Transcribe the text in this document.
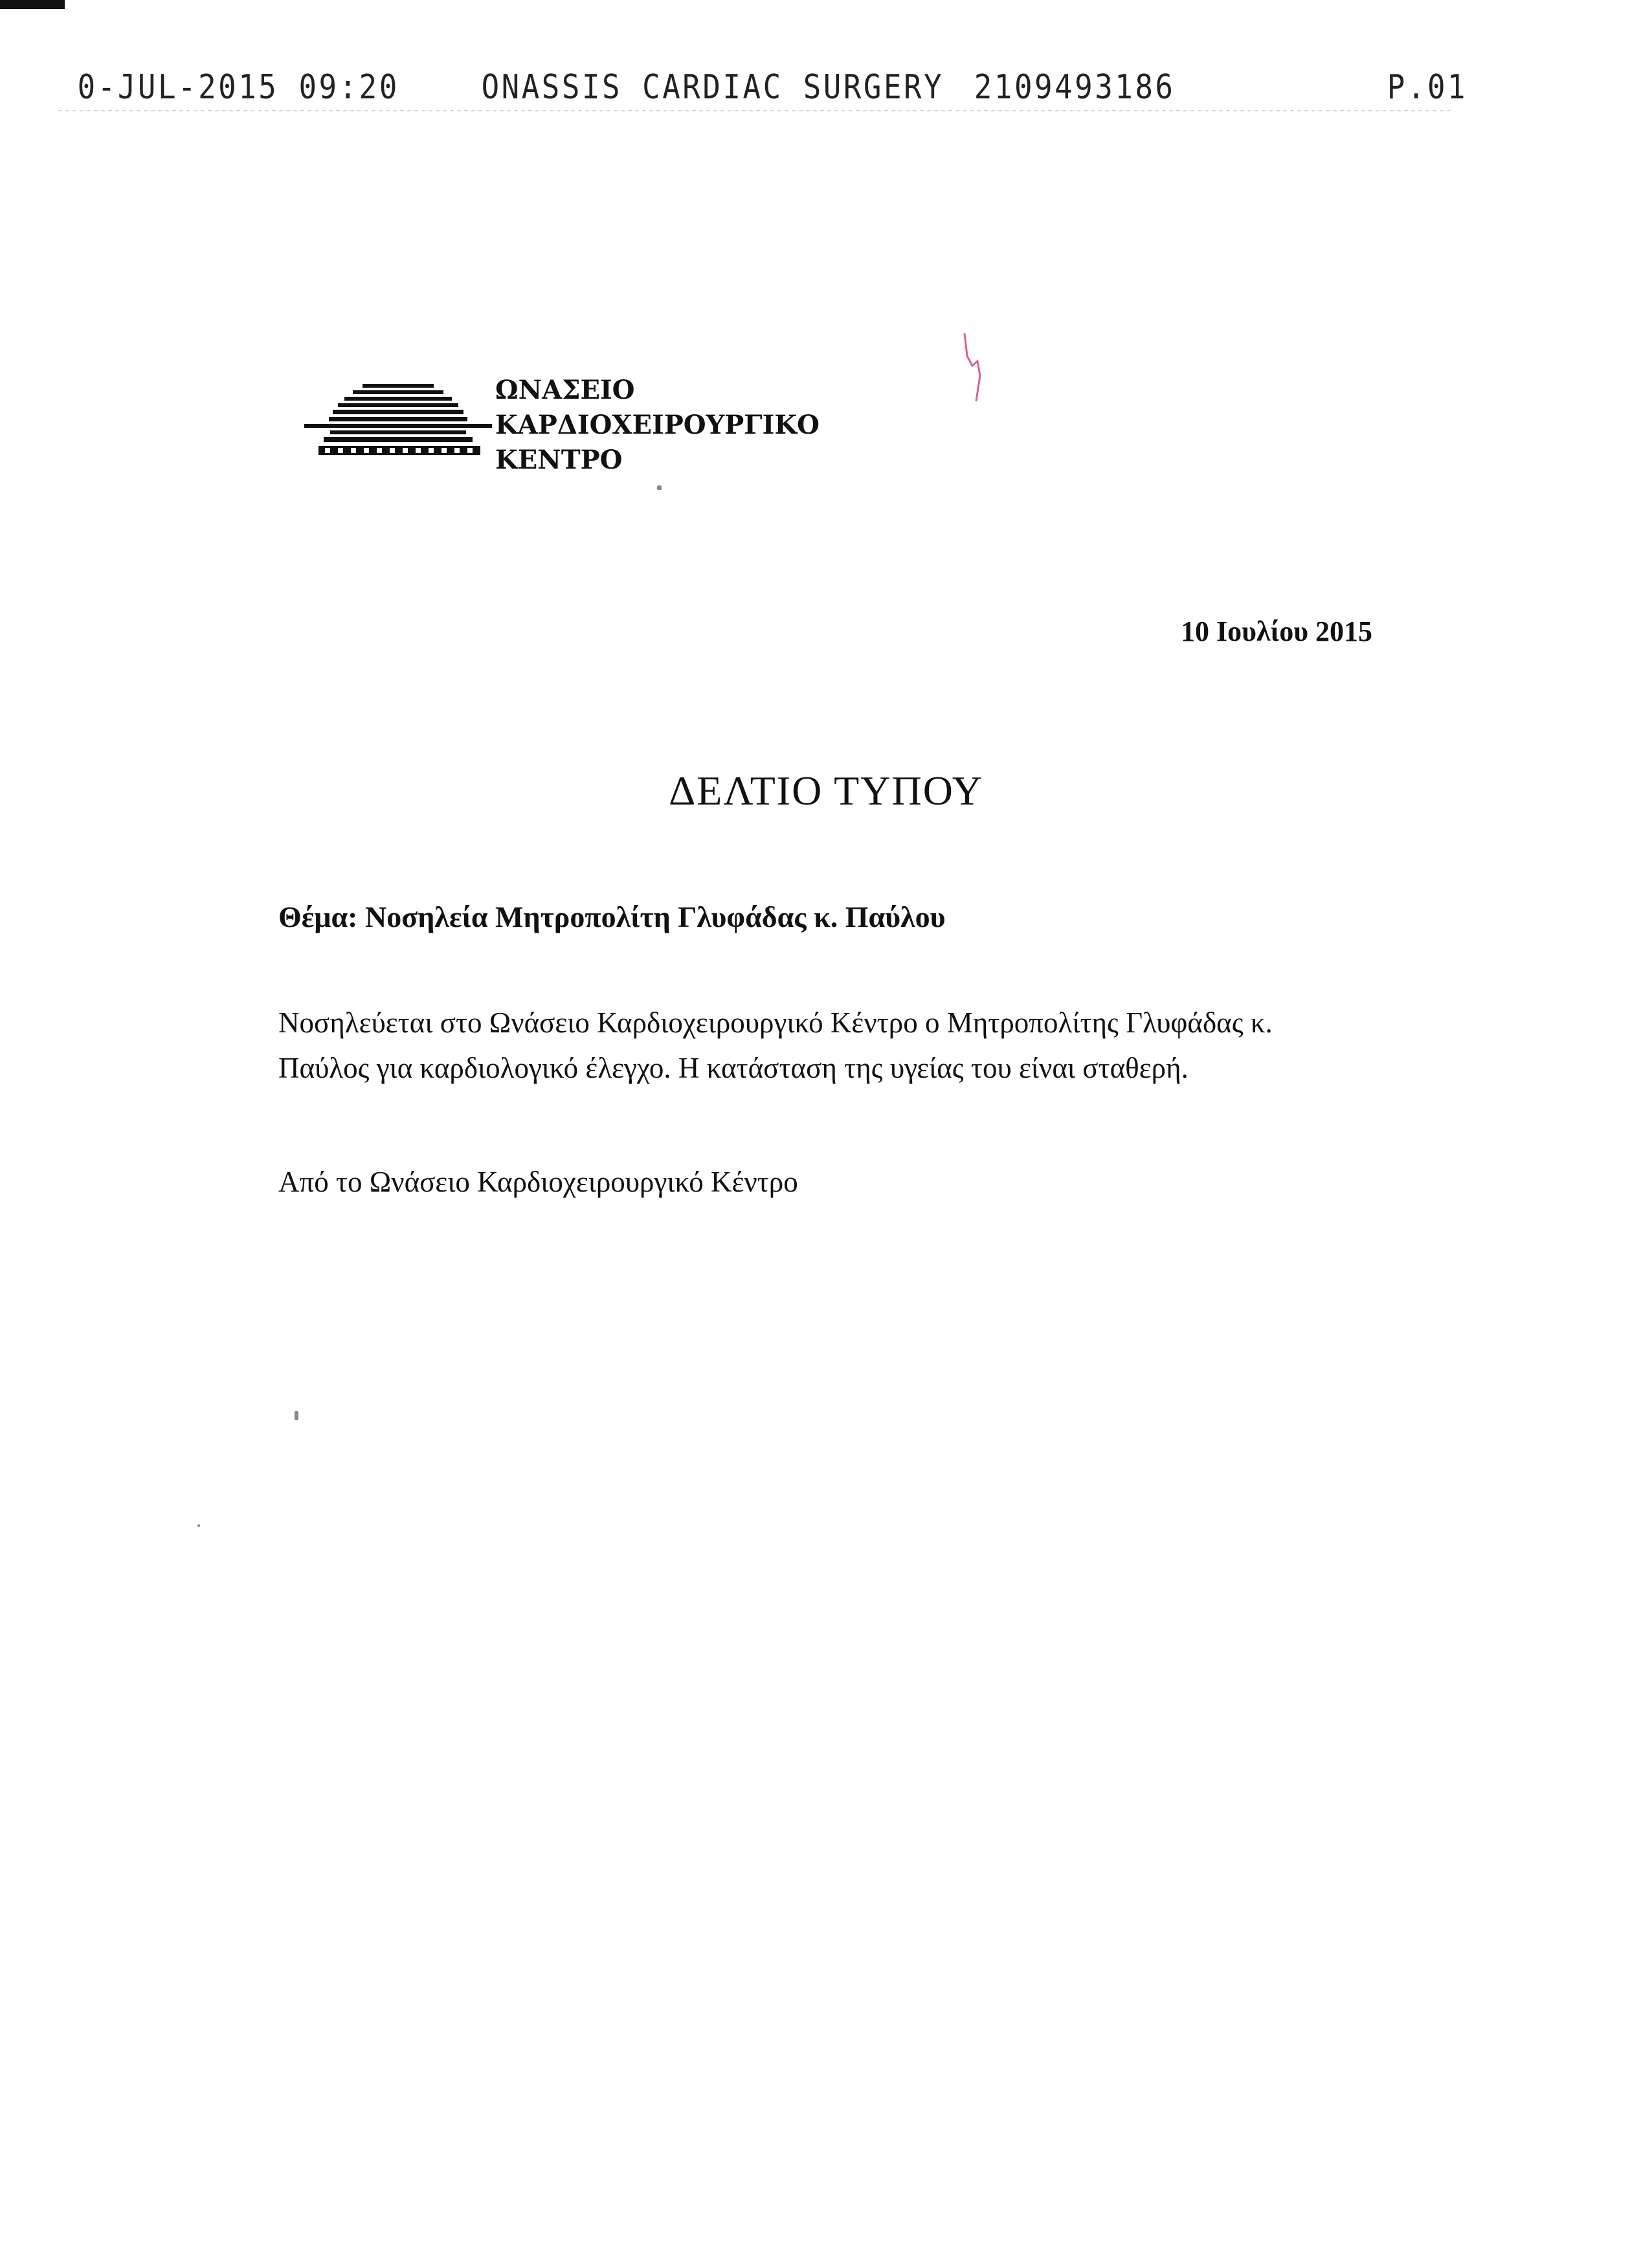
0-JUL-2015 09:20 ONASSIS CARDIAC SURGERY 2109493186	P.01
ΩΝΑΣΕΙΟ
ΚΑΡΔΙΟΧΕΙΡΟΥΡΓΙΚΟ
ΚΕΝΤΡΟ
10 Ιουλίου 2015
ΔΕΛΤΙΟ ΤΥΠΟΥ
Θέμα: Νοσηλεία Μητροπολίτη Γλυφάδας κ. Παύλου
Νοσηλεύεται στο Ωνάσειο Καρδιοχειρουργικό Κέντρο ο Μητροπολίτης Γλυφάδας κ.
Παύλος για καρδιολογικό έλεγχο. Η κατάσταση της υγείας του είναι σταθερή.
Από το Ωνάσειο Καρδιοχειρουργικό Κέντρο
